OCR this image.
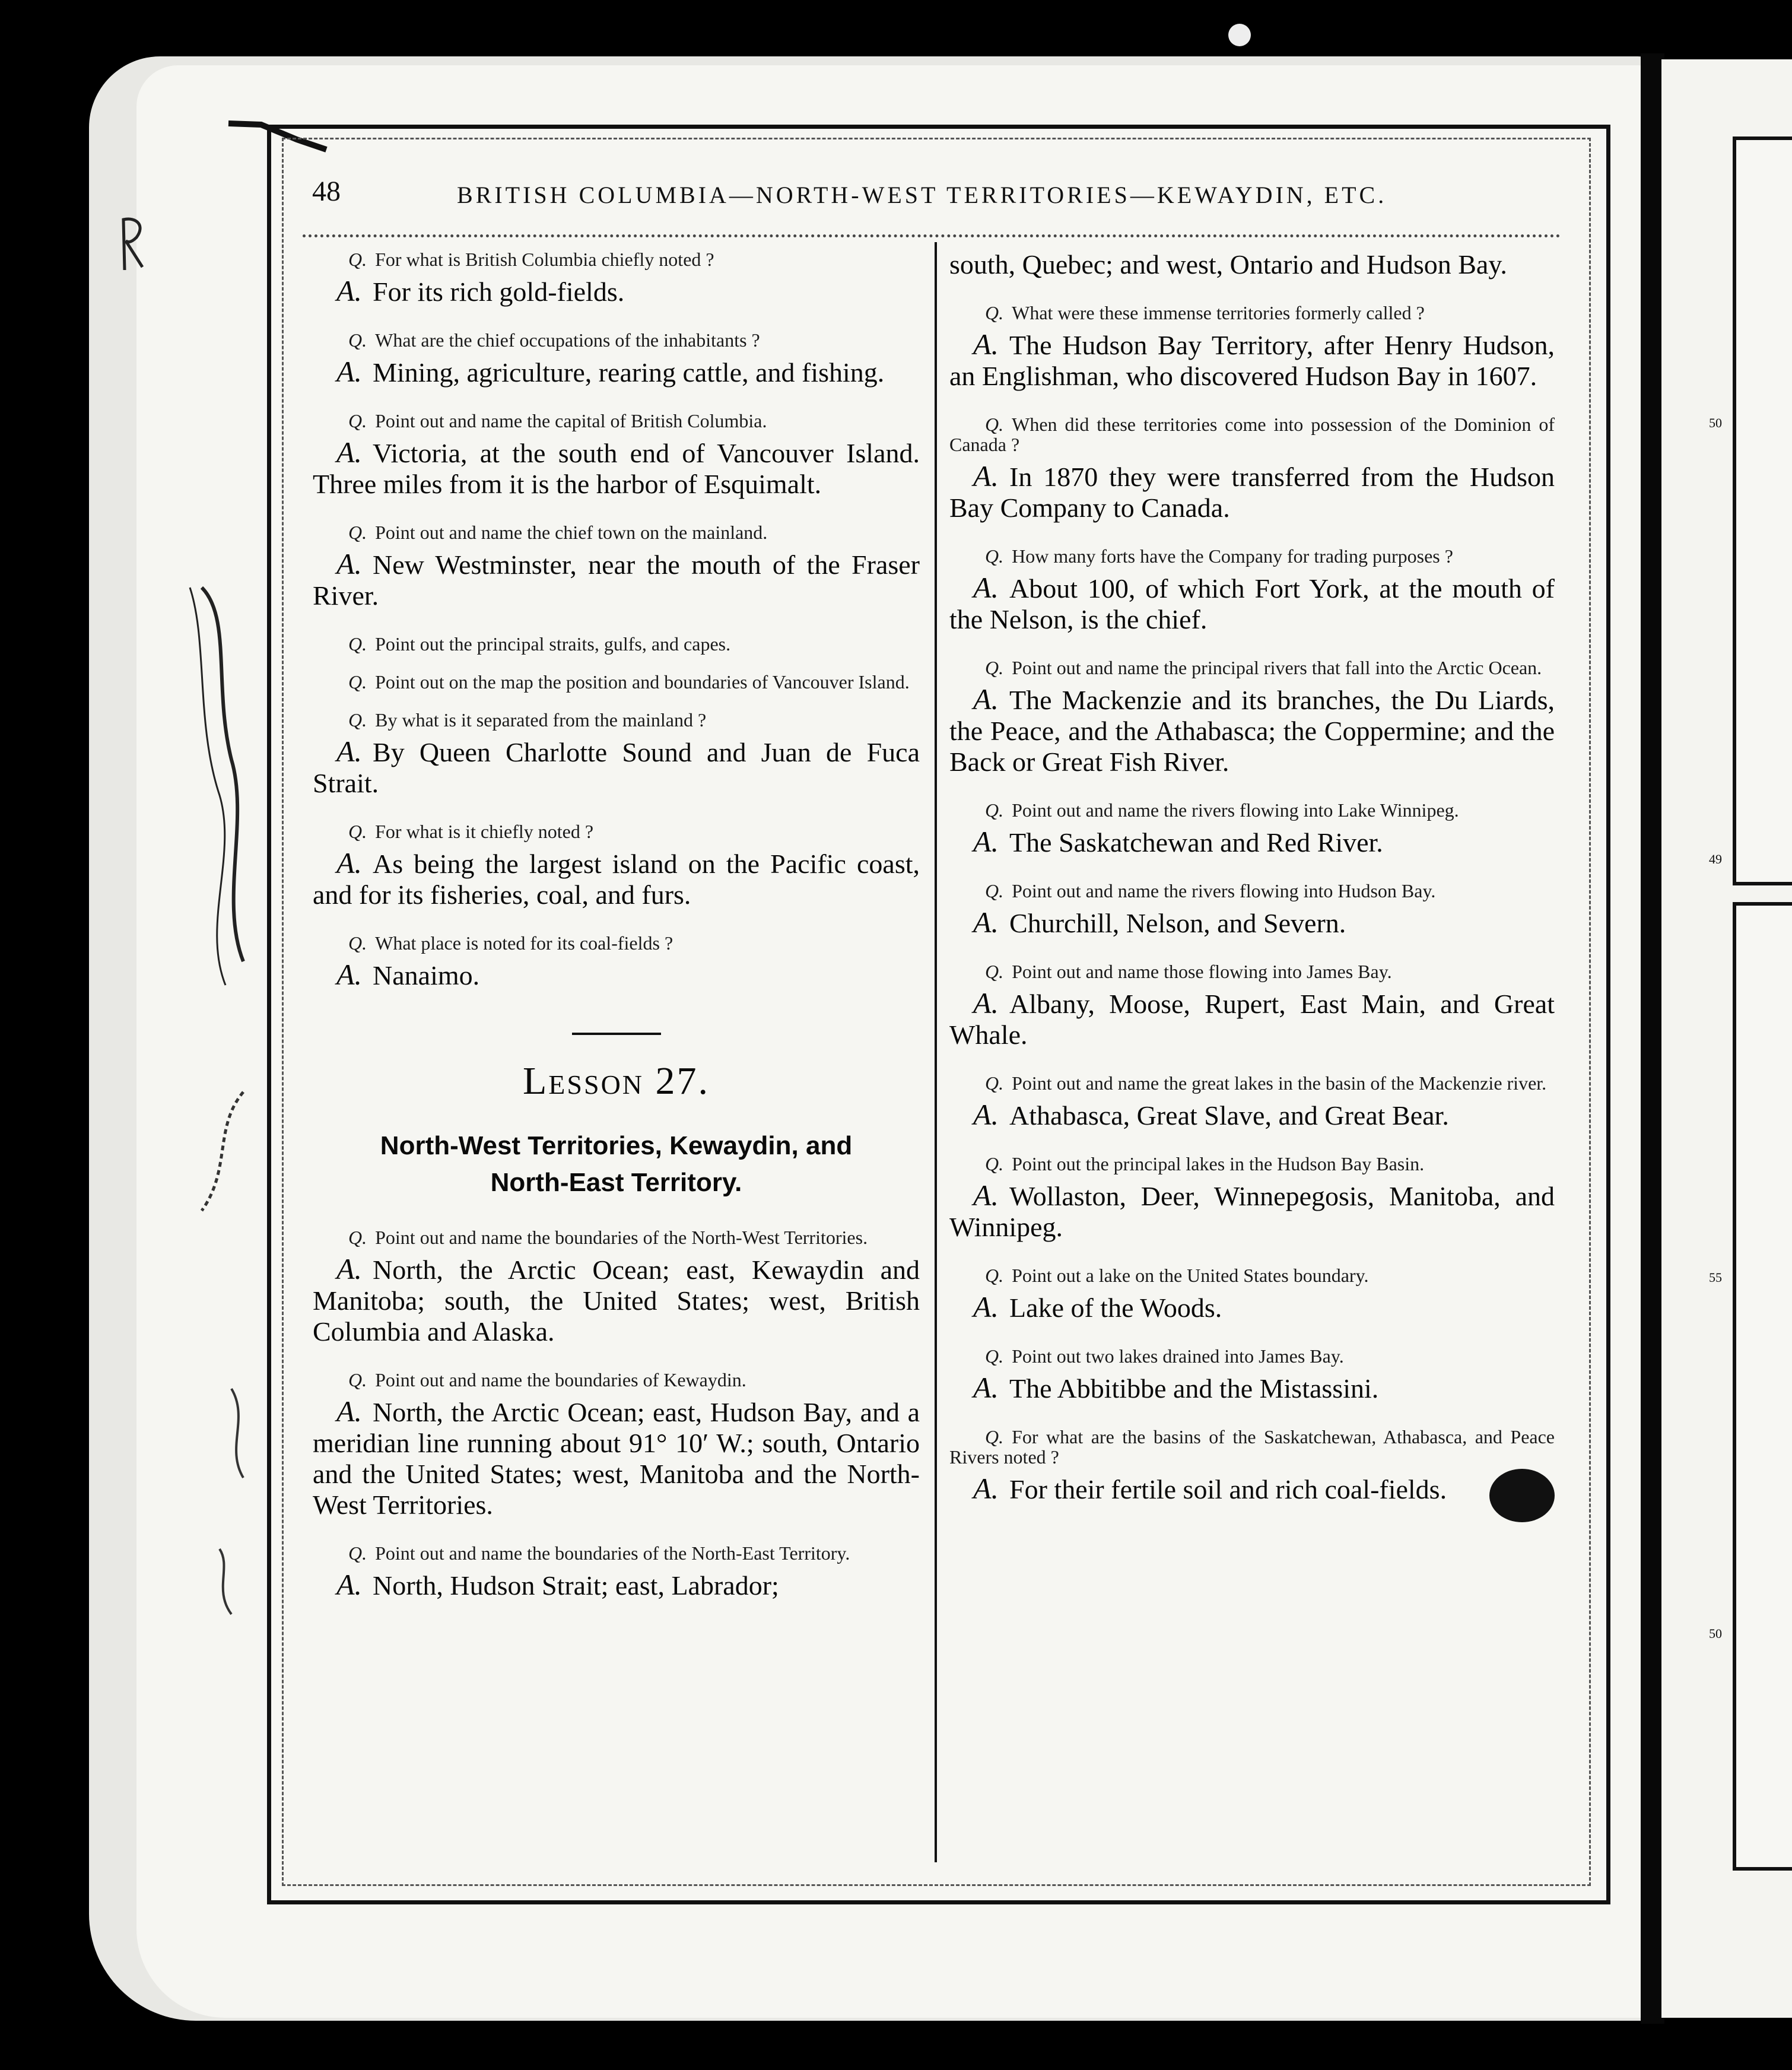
50
49
55
50
48	BRITISH COLUMBIA—NORTH-WEST TERRITORIES—KEWAYDIN, ETC.

Q. For what is British Columbia chiefly noted ?

A. For its rich gold-fields.

Q. What are the chief occupations of the inhabitants ?

A. Mining, agriculture, rearing cattle, and fishing.

Q. Point out and name the capital of British Columbia.

A. Victoria, at the south end of Vancouver Island. Three miles from it is the harbor of Esquimalt.

Q. Point out and name the chief town on the mainland.

A. New Westminster, near the mouth of the Fraser River.

Q. Point out the principal straits, gulfs, and capes.

Q. Point out on the map the position and boundaries of Vancouver Island.

Q. By what is it separated from the mainland ?

A. By Queen Charlotte Sound and Juan de Fuca Strait.

Q. For what is it chiefly noted ?

A. As being the largest island on the Pacific coast, and for its fisheries, coal, and furs.

Q. What place is noted for its coal-fields ?

A. Nanaimo.

Lesson 27.
North-West Territories, Kewaydin, and
North-East Territory.

Q. Point out and name the boundaries of the North-West Territories.

A. North, the Arctic Ocean; east, Kewaydin and Manitoba; south, the United States; west, British Columbia and Alaska.

Q. Point out and name the boundaries of Kewaydin.

A. North, the Arctic Ocean; east, Hudson Bay, and a meridian line running about 91° 10′ W.; south, Ontario and the United States; west, Manitoba and the North-West Territories.

Q. Point out and name the boundaries of the North-East Territory.

A. North, Hudson Strait; east, Labrador;

south, Quebec; and west, Ontario and Hudson Bay.

Q. What were these immense territories formerly called ?

A. The Hudson Bay Territory, after Henry Hudson, an Englishman, who discovered Hudson Bay in 1607.

Q. When did these territories come into possession of the Dominion of Canada ?

A. In 1870 they were transferred from the Hudson Bay Company to Canada.

Q. How many forts have the Company for trading purposes ?

A. About 100, of which Fort York, at the mouth of the Nelson, is the chief.

Q. Point out and name the principal rivers that fall into the Arctic Ocean.

A. The Mackenzie and its branches, the Du Liards, the Peace, and the Athabasca; the Coppermine; and the Back or Great Fish River.

Q. Point out and name the rivers flowing into Lake Winnipeg.

A. The Saskatchewan and Red River.

Q. Point out and name the rivers flowing into Hudson Bay.

A. Churchill, Nelson, and Severn.

Q. Point out and name those flowing into James Bay.

A. Albany, Moose, Rupert, East Main, and Great Whale.

Q. Point out and name the great lakes in the basin of the Mackenzie river.

A. Athabasca, Great Slave, and Great Bear.

Q. Point out the principal lakes in the Hudson Bay Basin.

A. Wollaston, Deer, Winnepegosis, Manitoba, and Winnipeg.

Q. Point out a lake on the United States boundary.

A. Lake of the Woods.

Q. Point out two lakes drained into James Bay.

A. The Abbitibbe and the Mistassini.

Q. For what are the basins of the Saskatchewan, Athabasca, and Peace Rivers noted ?

A. For their fertile soil and rich coal-fields.
